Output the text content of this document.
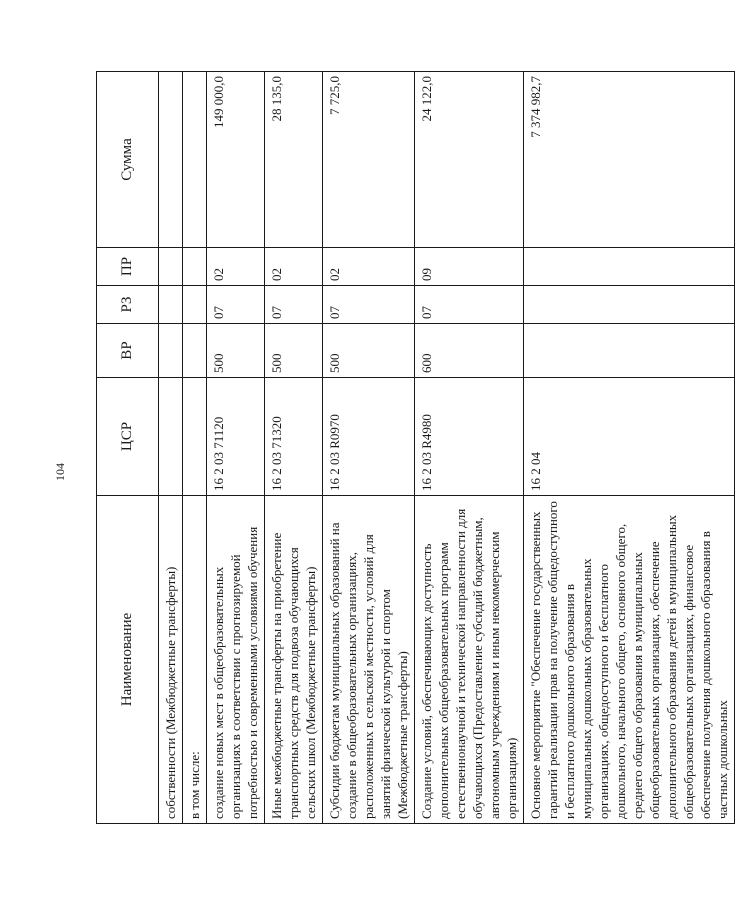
104
Наименование	ЦСР	ВР	РЗ	ПР	Сумма
собственности (Межбюджетные трансферты)					
в том числе:					
создание новых мест в общеобразовательных организациях в соответствии с прогнозируемой потребностью и современными условиями обучения	16 2 03 71120	500	07	02	149 000,0
Иные межбюджетные трансферты на приобретение транспортных средств для подвоза обучающихся сельских школ (Межбюджетные трансферты)	16 2 03 71320	500	07	02	28 135,0
Субсидии бюджетам муниципальных образований на создание в общеобразовательных организациях, расположенных в сельской местности, условий для занятий физической культурой и спортом (Межбюджетные трансферты)	16 2 03 R0970	500	07	02	7 725,0
Создание условий, обеспечивающих доступность дополнительных общеобразовательных программ естественнонаучной и технической направленности для обучающихся (Предоставление субсидий бюджетным, автономным учреждениям и иным некоммерческим организациям)	16 2 03 R4980	600	07	09	24 122,0
Основное мероприятие "Обеспечение государственных гарантий реализации прав на получение общедоступного и бесплатного дошкольного образования в муниципальных дошкольных образовательных организациях, общедоступного и бесплатного дошкольного, начального общего, основного общего, среднего общего образования в муниципальных общеобразовательных организациях, обеспечение дополнительного образования детей в муниципальных общеобразовательных организациях, финансовое обеспечение получения дошкольного образования в частных дошкольных	16 2 04				7 374 982,7
